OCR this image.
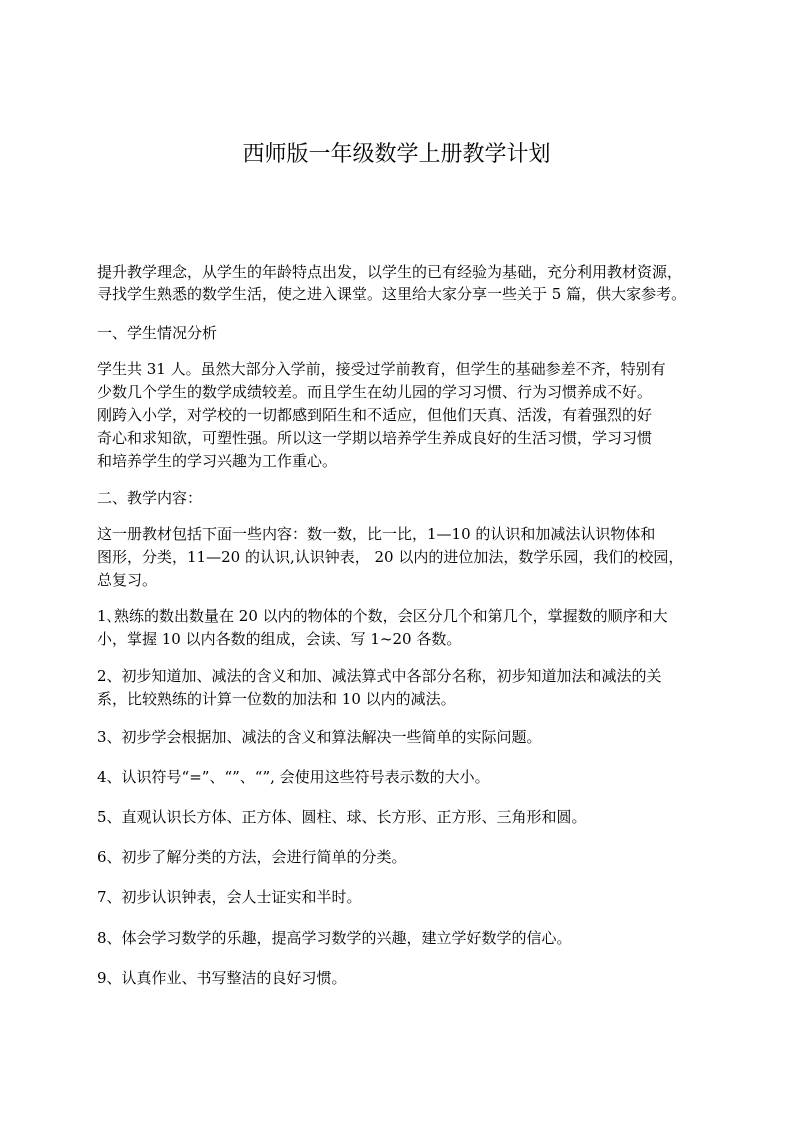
西师版一年级数学上册教学计划
提升教学理念，从学生的年龄特点出发，以学生的已有经验为基础，充分利用教材资源，
寻找学生熟悉的数学生活，使之进入课堂。这里给大家分享一些关于 5 篇，供大家参考。
一、学生情况分析
学生共 31 人。虽然大部分入学前，接受过学前教育，但学生的基础参差不齐，特别有
少数几个学生的数学成绩较差。而且学生在幼儿园的学习习惯、行为习惯养成不好。
刚跨入小学，对学校的一切都感到陌生和不适应，但他们天真、活泼，有着强烈的好
奇心和求知欲，可塑性强。所以这一学期以培养学生养成良好的生活习惯，学习习惯
和培养学生的学习兴趣为工作重心。
二、教学内容：
这一册教材包括下面一些内容：数一数，比一比，1—10 的认识和加减法认识物体和
图形，分类，11—20 的认识,认识钟表， 20 以内的进位加法，数学乐园，我们的校园，
总复习。
1､熟练的数出数量在 20 以内的物体的个数，会区分几个和第几个，掌握数的顺序和大
小，掌握 10 以内各数的组成，会读、写 1~20 各数。
2、初步知道加、减法的含义和加、减法算式中各部分名称，初步知道加法和减法的关
系，比较熟练的计算一位数的加法和 10 以内的减法。
3、初步学会根据加、减法的含义和算法解决一些简单的实际问题。
4、认识符号“=”、“”、“”, 会使用这些符号表示数的大小。
5、直观认识长方体、正方体、圆柱、球、长方形、正方形、三角形和圆。
6、初步了解分类的方法，会进行简单的分类。
7、初步认识钟表，会人士证实和半时。
8、体会学习数学的乐趣，提高学习数学的兴趣，建立学好数学的信心。
9、认真作业、书写整洁的良好习惯。
